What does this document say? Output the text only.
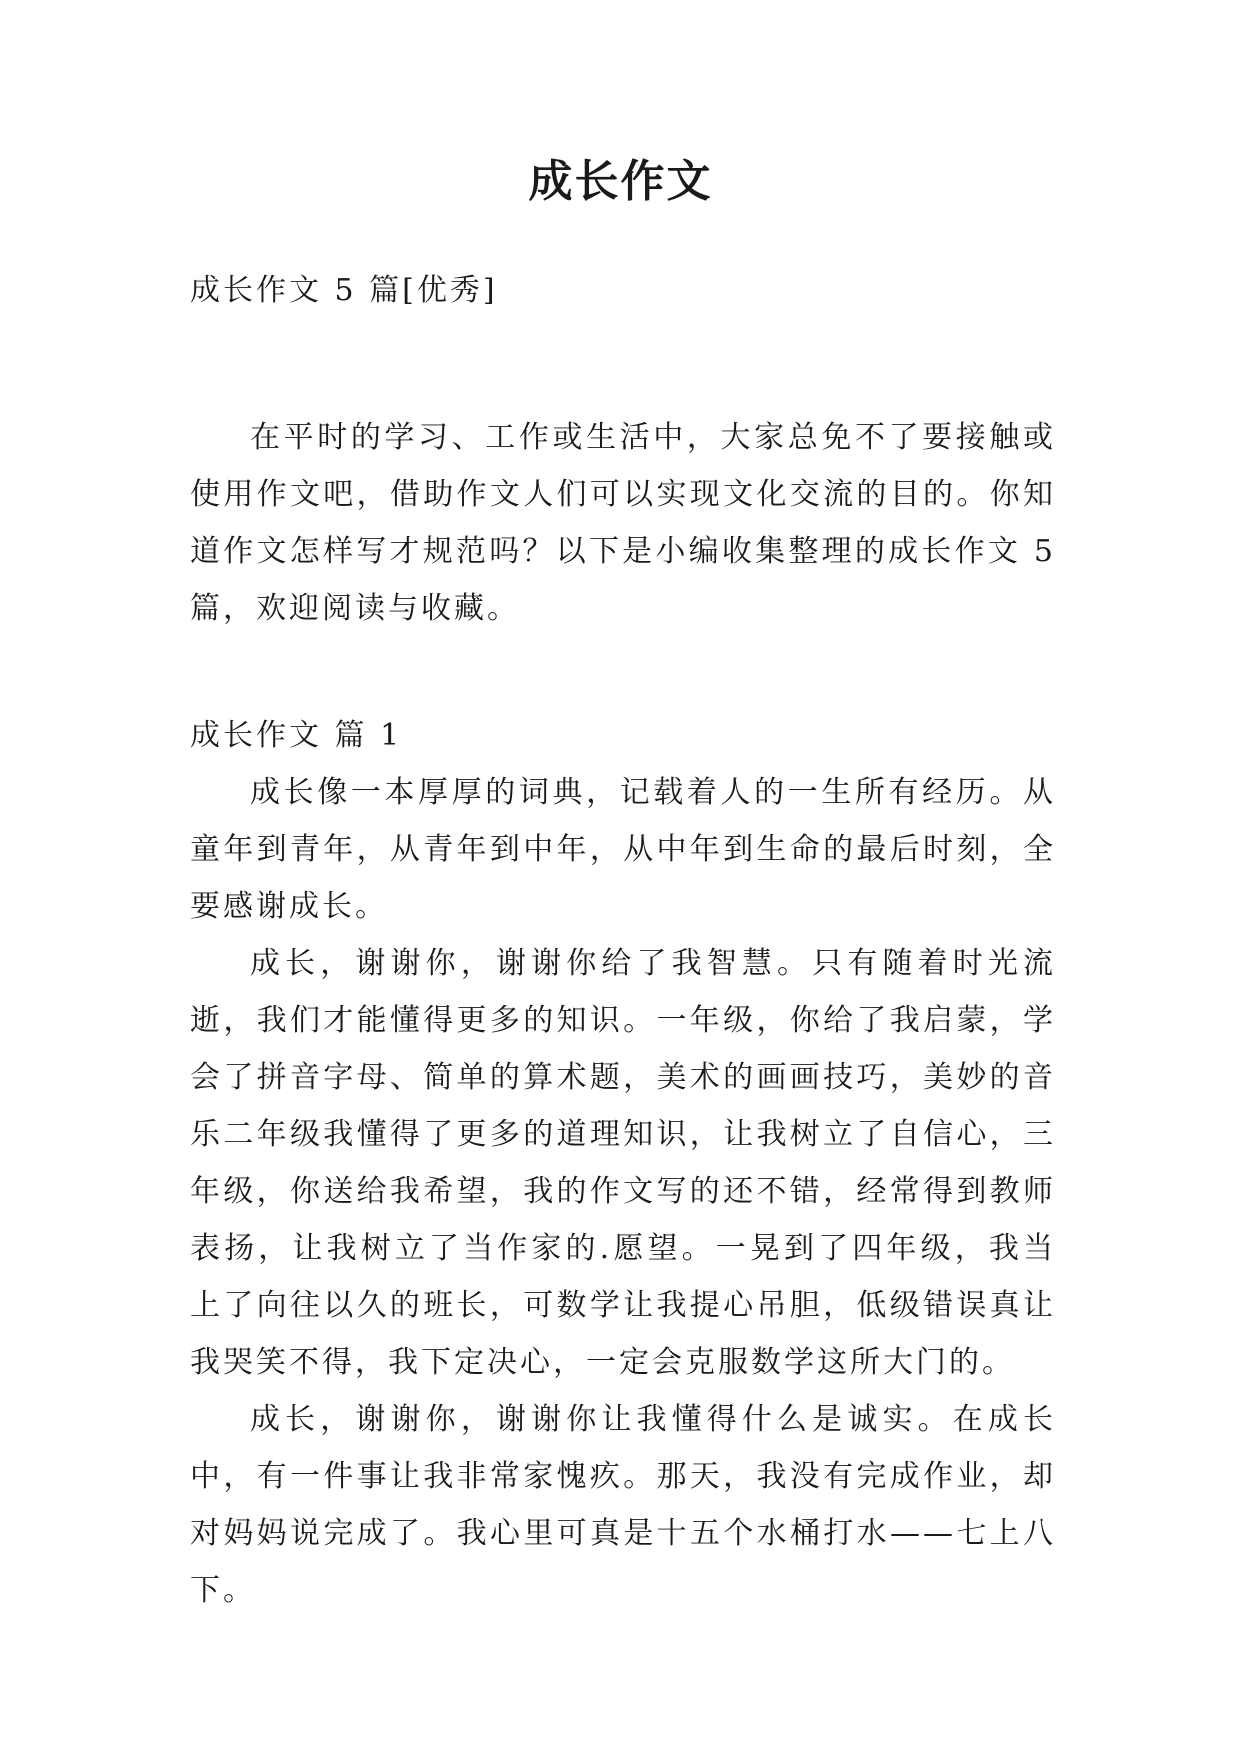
成长作文

成长作文 5 篇[优秀]

在平时的学习、工作或生活中，大家总免不了要接触或使用作文吧，借助作文人们可以实现文化交流的目的。你知道作文怎样写才规范吗？以下是小编收集整理的成长作文 5 篇，欢迎阅读与收藏。

成长作文 篇 1

成长像一本厚厚的词典，记载着人的一生所有经历。从童年到青年，从青年到中年，从中年到生命的最后时刻，全要感谢成长。

成长，谢谢你，谢谢你给了我智慧。只有随着时光流逝，我们才能懂得更多的知识。一年级，你给了我启蒙，学会了拼音字母、简单的算术题，美术的画画技巧，美妙的音乐二年级我懂得了更多的道理知识，让我树立了自信心，三年级，你送给我希望，我的作文写的还不错，经常得到教师表扬，让我树立了当作家的.愿望。一晃到了四年级，我当上了向往以久的班长，可数学让我提心吊胆，低级错误真让我哭笑不得，我下定决心，一定会克服数学这所大门的。

成长，谢谢你，谢谢你让我懂得什么是诚实。在成长中，有一件事让我非常家愧疚。那天，我没有完成作业，却对妈妈说完成了。我心里可真是十五个水桶打水——七上八下。
